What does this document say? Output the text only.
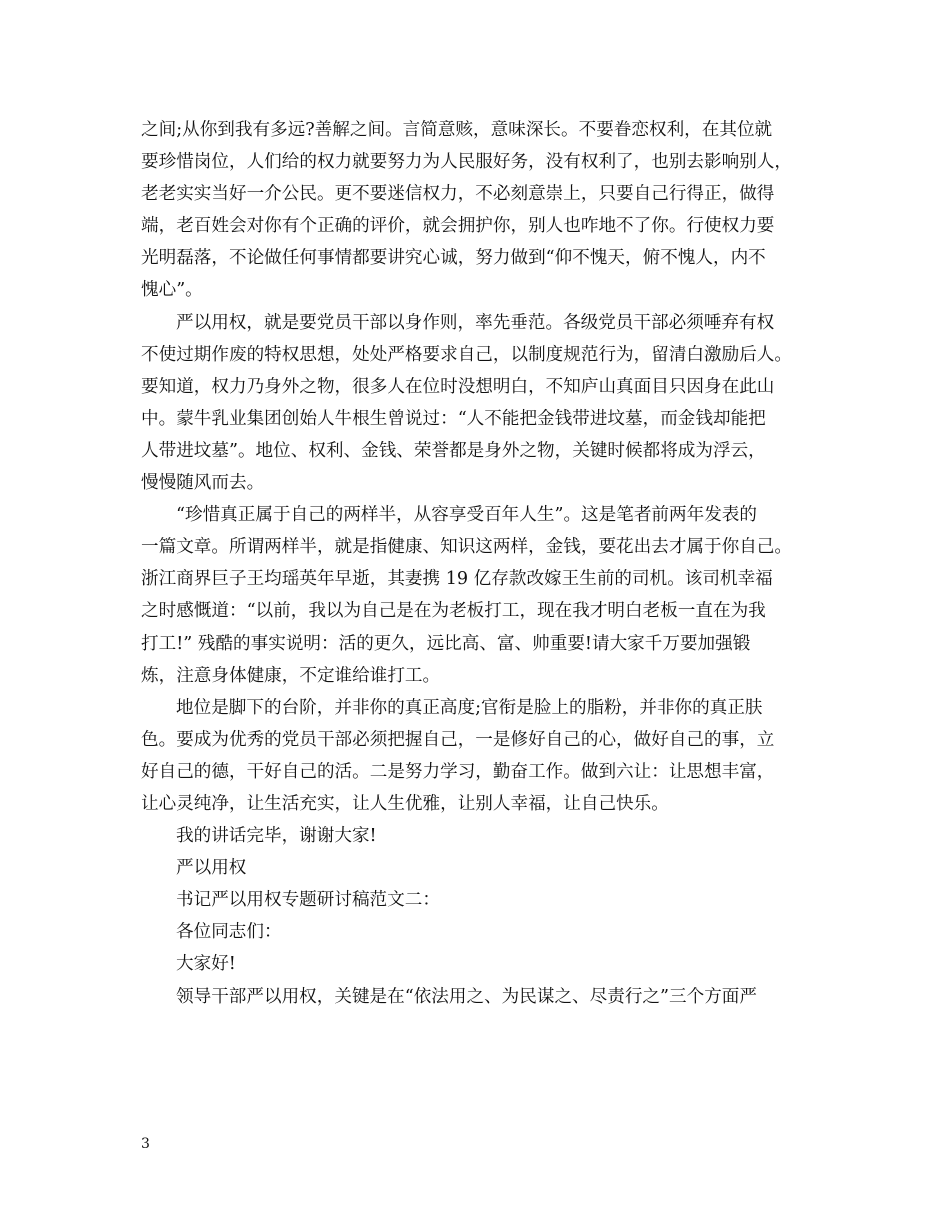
之间;从你到我有多远?善解之间。言简意赅，意味深长。不要眷恋权利，在其位就
要珍惜岗位，人们给的权力就要努力为人民服好务，没有权利了，也别去影响别人，
老老实实当好一介公民。更不要迷信权力，不必刻意崇上，只要自己行得正，做得
端，老百姓会对你有个正确的评价，就会拥护你，别人也咋地不了你。行使权力要
光明磊落，不论做任何事情都要讲究心诚，努力做到“仰不愧天，俯不愧人，内不
愧心”。
严以用权，就是要党员干部以身作则，率先垂范。各级党员干部必须唾弃有权
不使过期作废的特权思想，处处严格要求自己，以制度规范行为，留清白激励后人。
要知道，权力乃身外之物，很多人在位时没想明白，不知庐山真面目只因身在此山
中。蒙牛乳业集团创始人牛根生曾说过：“人不能把金钱带进坟墓，而金钱却能把
人带进坟墓”。地位、权利、金钱、荣誉都是身外之物，关键时候都将成为浮云，
慢慢随风而去。
“珍惜真正属于自己的两样半，从容享受百年人生”。这是笔者前两年发表的
一篇文章。所谓两样半，就是指健康、知识这两样，金钱，要花出去才属于你自己。
浙江商界巨子王均瑶英年早逝，其妻携 19 亿存款改嫁王生前的司机。该司机幸福
之时感慨道：“以前，我以为自己是在为老板打工，现在我才明白老板一直在为我
打工!” 残酷的事实说明：活的更久，远比高、富、帅重要!请大家千万要加强锻
炼，注意身体健康，不定谁给谁打工。
地位是脚下的台阶，并非你的真正高度;官衔是脸上的脂粉，并非你的真正肤
色。要成为优秀的党员干部必须把握自己，一是修好自己的心，做好自己的事，立
好自己的德，干好自己的活。二是努力学习，勤奋工作。做到六让：让思想丰富，
让心灵纯净，让生活充实，让人生优雅，让别人幸福，让自己快乐。
我的讲话完毕，谢谢大家!
严以用权
书记严以用权专题研讨稿范文二：
各位同志们：
大家好!
领导干部严以用权，关键是在“依法用之、为民谋之、尽责行之”三个方面严
3
